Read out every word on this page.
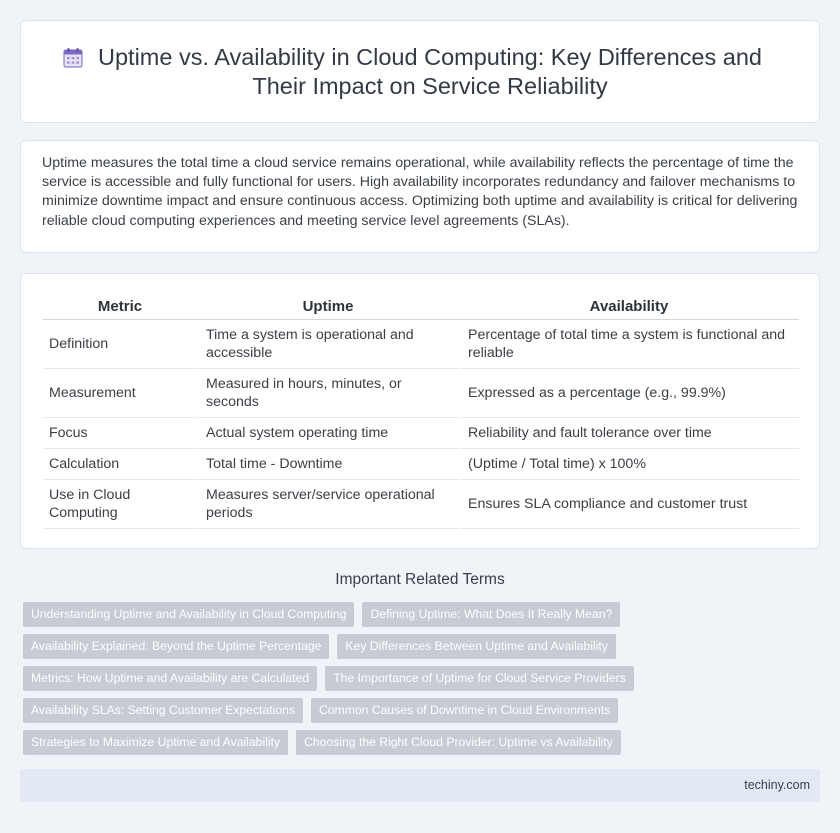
Uptime vs. Availability in Cloud Computing: Key Differences and
Their Impact on Service Reliability

Uptime measures the total time a cloud service remains operational, while availability reflects the percentage of time the service is accessible and fully functional for users. High availability incorporates redundancy and failover mechanisms to minimize downtime impact and ensure continuous access. Optimizing both uptime and availability is critical for delivering reliable cloud computing experiences and meeting service level agreements (SLAs).

Metric	Uptime	Availability
Definition	Time a system is operational and accessible	Percentage of total time a system is functional and reliable
Measurement	Measured in hours, minutes, or seconds	Expressed as a percentage (e.g., 99.9%)
Focus	Actual system operating time	Reliability and fault tolerance over time
Calculation	Total time - Downtime	(Uptime / Total time) x 100%
Use in Cloud Computing	Measures server/service operational periods	Ensures SLA compliance and customer trust
Important Related Terms
Understanding Uptime and Availability in Cloud Computing	Defining Uptime: What Does It Really Mean?
Availability Explained: Beyond the Uptime Percentage	Key Differences Between Uptime and Availability
Metrics: How Uptime and Availability are Calculated	The Importance of Uptime for Cloud Service Providers
Availability SLAs: Setting Customer Expectations	Common Causes of Downtime in Cloud Environments
Strategies to Maximize Uptime and Availability	Choosing the Right Cloud Provider: Uptime vs Availability
techiny.com
